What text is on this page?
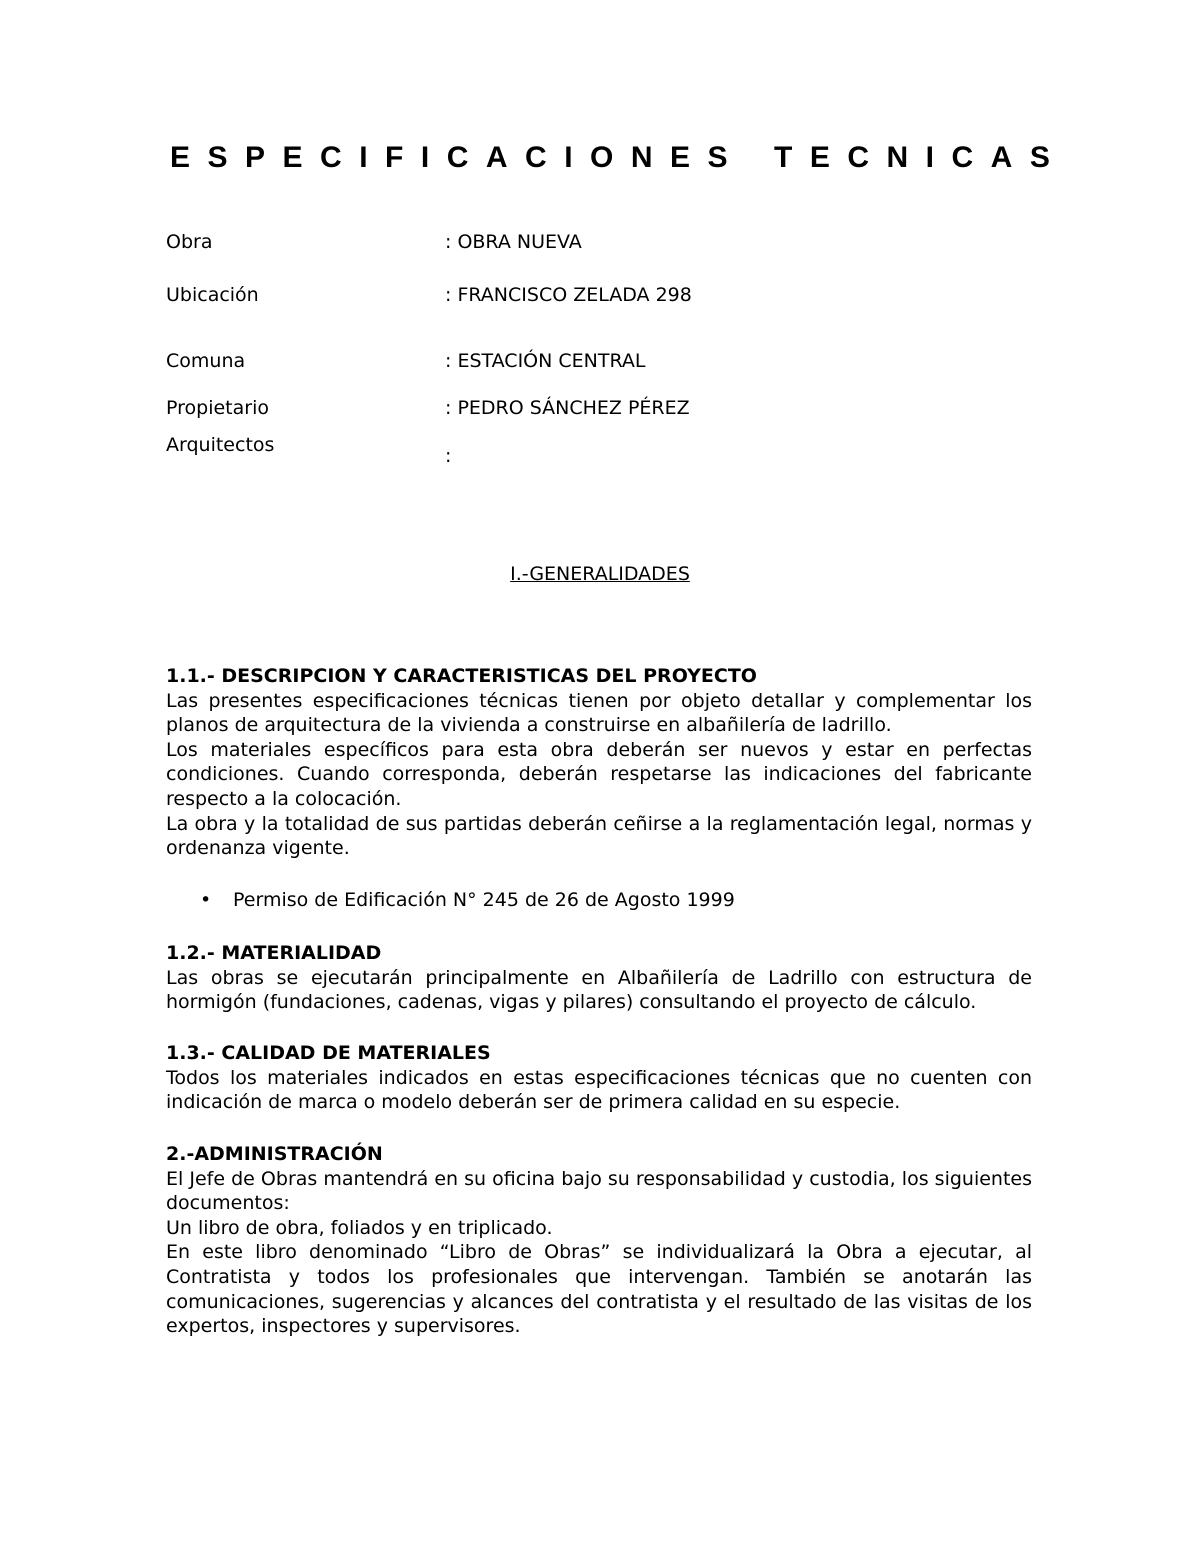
ESPECIFICACIONES TECNICAS
Obra	: OBRA NUEVA
Ubicación	: FRANCISCO ZELADA 298
Comuna	: ESTACIÓN CENTRAL
Propietario	: PEDRO SÁNCHEZ PÉREZ
Arquitectos	:
I.-GENERALIDADES

1.1.- DESCRIPCION Y CARACTERISTICAS DEL PROYECTO

Las presentes especificaciones técnicas tienen por objeto detallar y complementar los planos de arquitectura de la vivienda a construirse en albañilería de ladrillo.

Los materiales específicos para esta obra deberán ser nuevos y estar en perfectas condiciones. Cuando corresponda, deberán respetarse las indicaciones del fabricante respecto a la colocación.

La obra y la totalidad de sus partidas deberán ceñirse a la reglamentación legal, normas y ordenanza vigente.

• Permiso de Edificación N° 245 de 26 de Agosto 1999

1.2.- MATERIALIDAD

Las obras se ejecutarán principalmente en Albañilería de Ladrillo con estructura de hormigón (fundaciones, cadenas, vigas y pilares) consultando el proyecto de cálculo.

1.3.- CALIDAD DE MATERIALES

Todos los materiales indicados en estas especificaciones técnicas que no cuenten con indicación de marca o modelo deberán ser de primera calidad en su especie.

2.-ADMINISTRACIÓN

El Jefe de Obras mantendrá en su oficina bajo su responsabilidad y custodia, los siguientes documentos:

Un libro de obra, foliados y en triplicado.

En este libro denominado “Libro de Obras” se individualizará la Obra a ejecutar, al Contratista y todos los profesionales que intervengan. También se anotarán las comunicaciones, sugerencias y alcances del contratista y el resultado de las visitas de los expertos, inspectores y supervisores.
